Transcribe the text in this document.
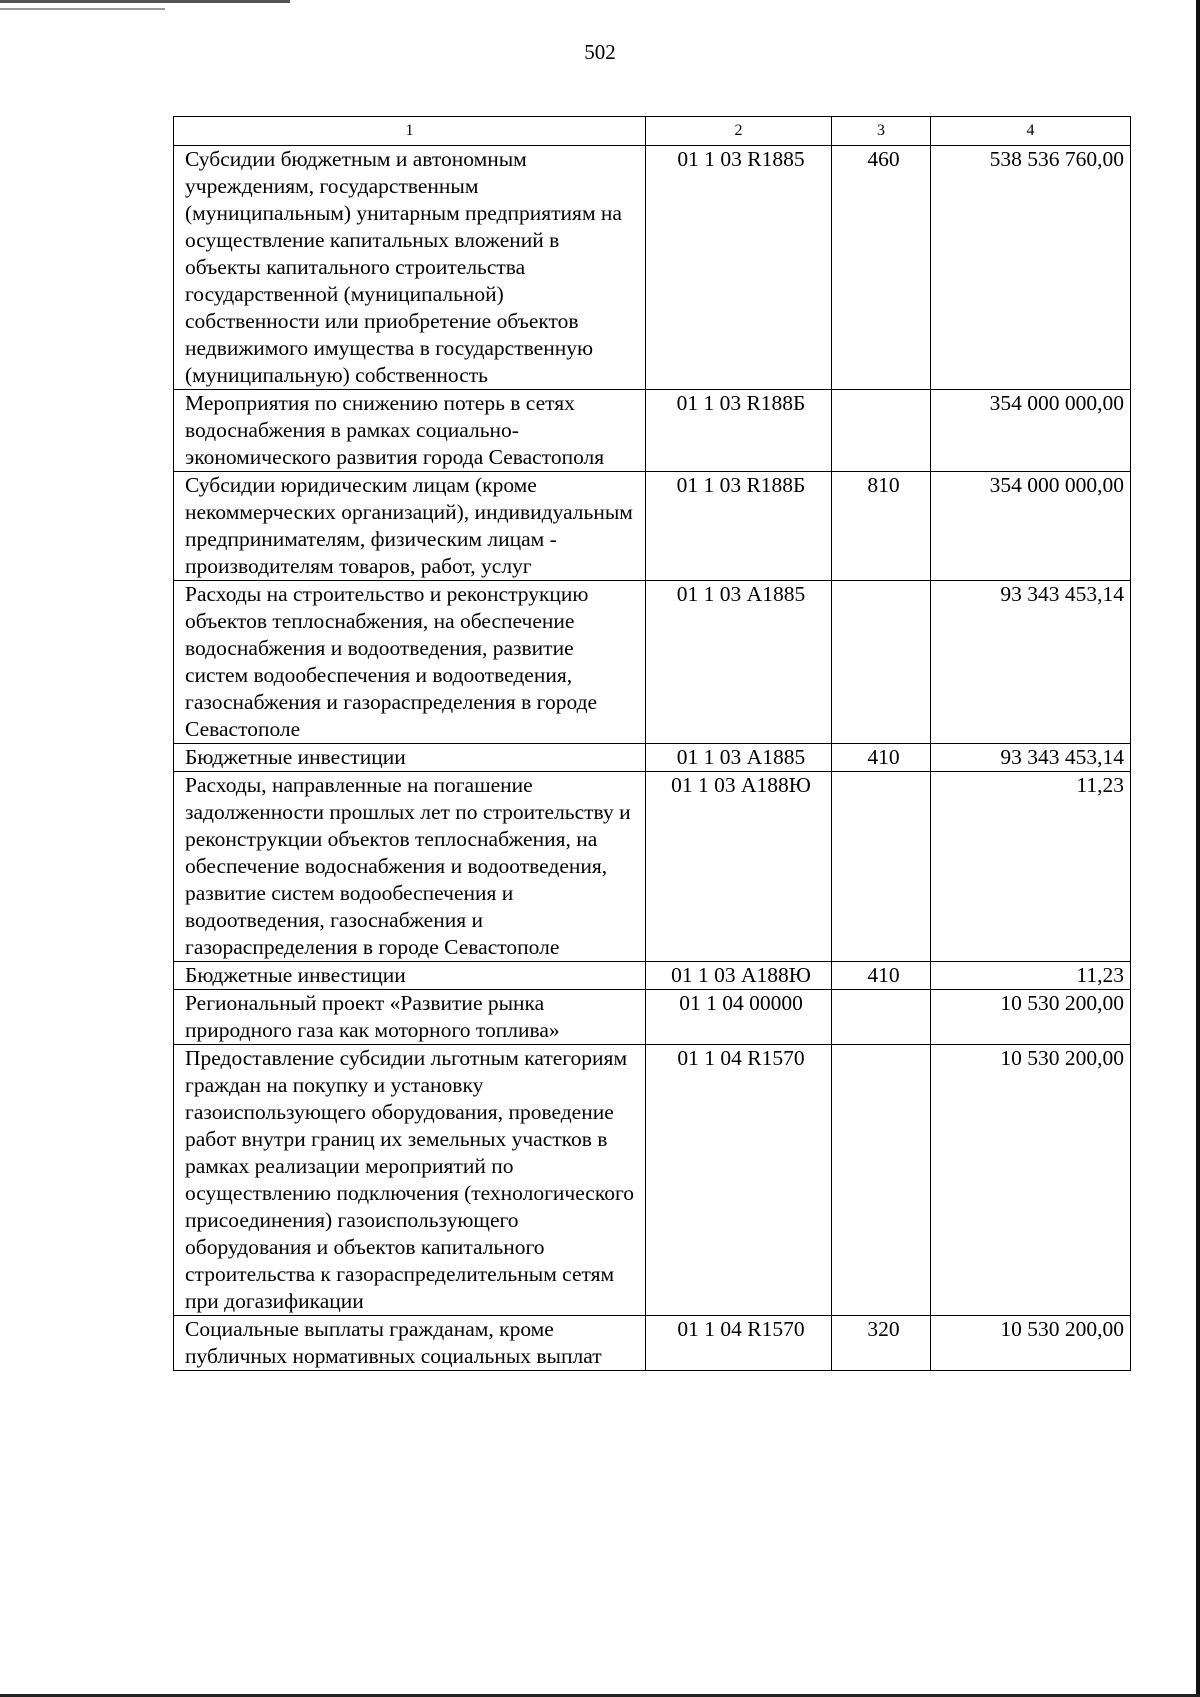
502
1	2	3	4
Субсидии бюджетным и автономным учреждениям, государственным (муниципальным) унитарным предприятиям на осуществление капитальных вложений в объекты капитального строительства государственной (муниципальной) собственности или приобретение объектов недвижимого имущества в государственную (муниципальную) собственность	01 1 03 R1885	460	538 536 760,00
Мероприятия по снижению потерь в сетях водоснабжения в рамках социально-экономического развития города Севастополя	01 1 03 R188Б		354 000 000,00
Субсидии юридическим лицам (кроме некоммерческих организаций), индивидуальным предпринимателям, физическим лицам - производителям товаров, работ, услуг	01 1 03 R188Б	810	354 000 000,00
Расходы на строительство и реконструкцию объектов теплоснабжения, на обеспечение водоснабжения и водоотведения, развитие систем водообеспечения и водоотведения, газоснабжения и газораспределения в городе Севастополе	01 1 03 А1885		93 343 453,14
Бюджетные инвестиции	01 1 03 А1885	410	93 343 453,14
Расходы, направленные на погашение задолженности прошлых лет по строительству и реконструкции объектов теплоснабжения, на обеспечение водоснабжения и водоотведения, развитие систем водообеспечения и водоотведения, газоснабжения и газораспределения в городе Севастополе	01 1 03 А188Ю		11,23
Бюджетные инвестиции	01 1 03 А188Ю	410	11,23
Региональный проект «Развитие рынка природного газа как моторного топлива»	01 1 04 00000		10 530 200,00
Предоставление субсидии льготным категориям граждан на покупку и установку газоиспользующего оборудования, проведение работ внутри границ их земельных участков в рамках реализации мероприятий по осуществлению подключения (технологического присоединения) газоиспользующего оборудования и объектов капитального строительства к газораспределительным сетям при догазификации	01 1 04 R1570		10 530 200,00
Социальные выплаты гражданам, кроме публичных нормативных социальных выплат	01 1 04 R1570	320	10 530 200,00
